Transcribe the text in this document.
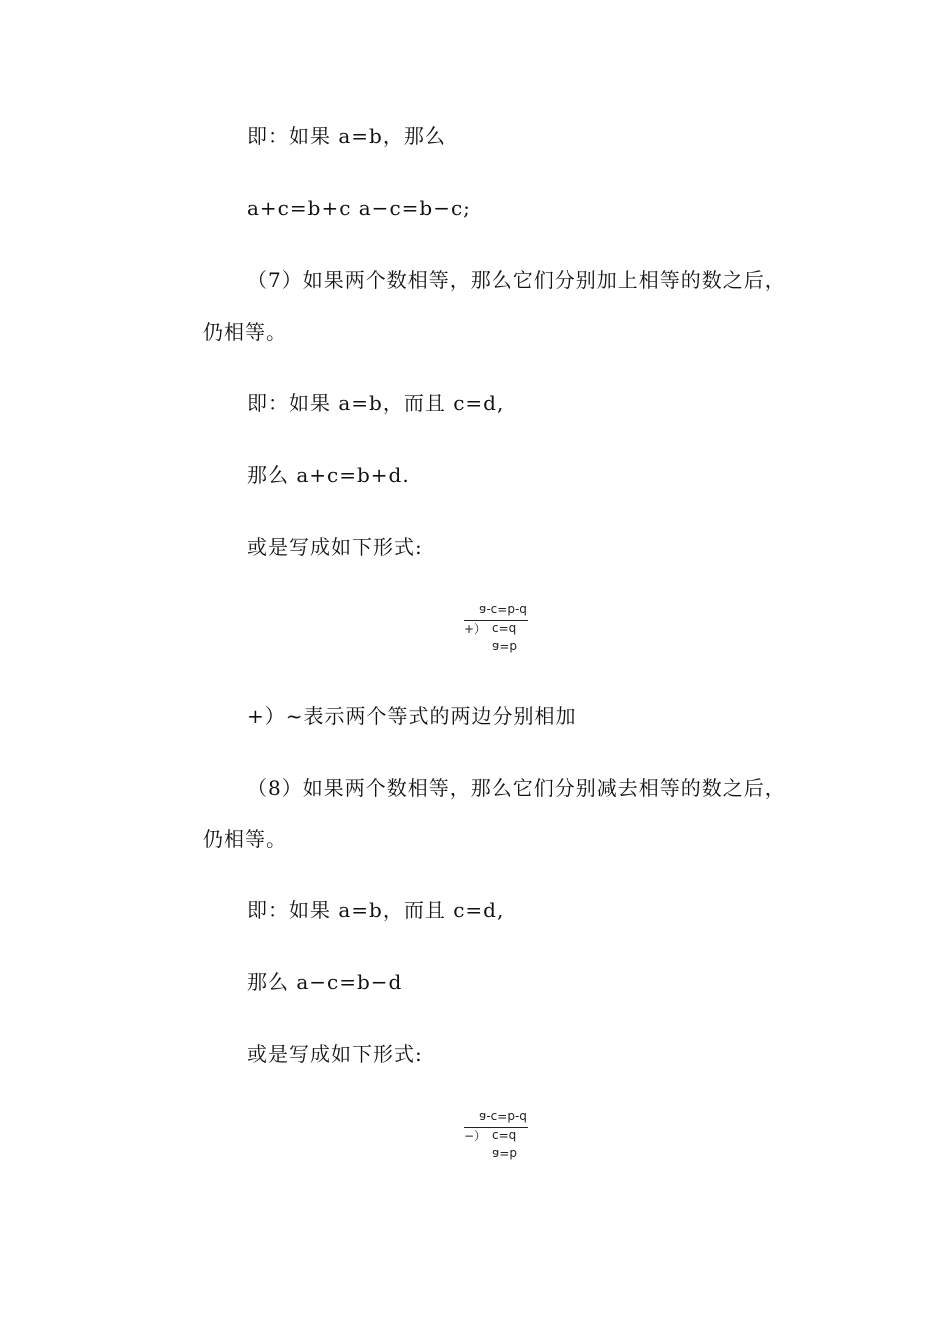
即：如果 a=b，那么
a+c=b+c a−c=b−c;
（7）如果两个数相等，那么它们分别加上相等的数之后，
仍相等。
即：如果 a=b，而且 c=d,
那么 a+c=b+d.
或是写成如下形式:
a-c=b-d
+） c=d
a=b
+）~表示两个等式的两边分别相加
（8）如果两个数相等，那么它们分别减去相等的数之后，
仍相等。
即：如果 a=b，而且 c=d,
那么 a−c=b−d
或是写成如下形式:
a-c=b-d
−） c=d
a=b
